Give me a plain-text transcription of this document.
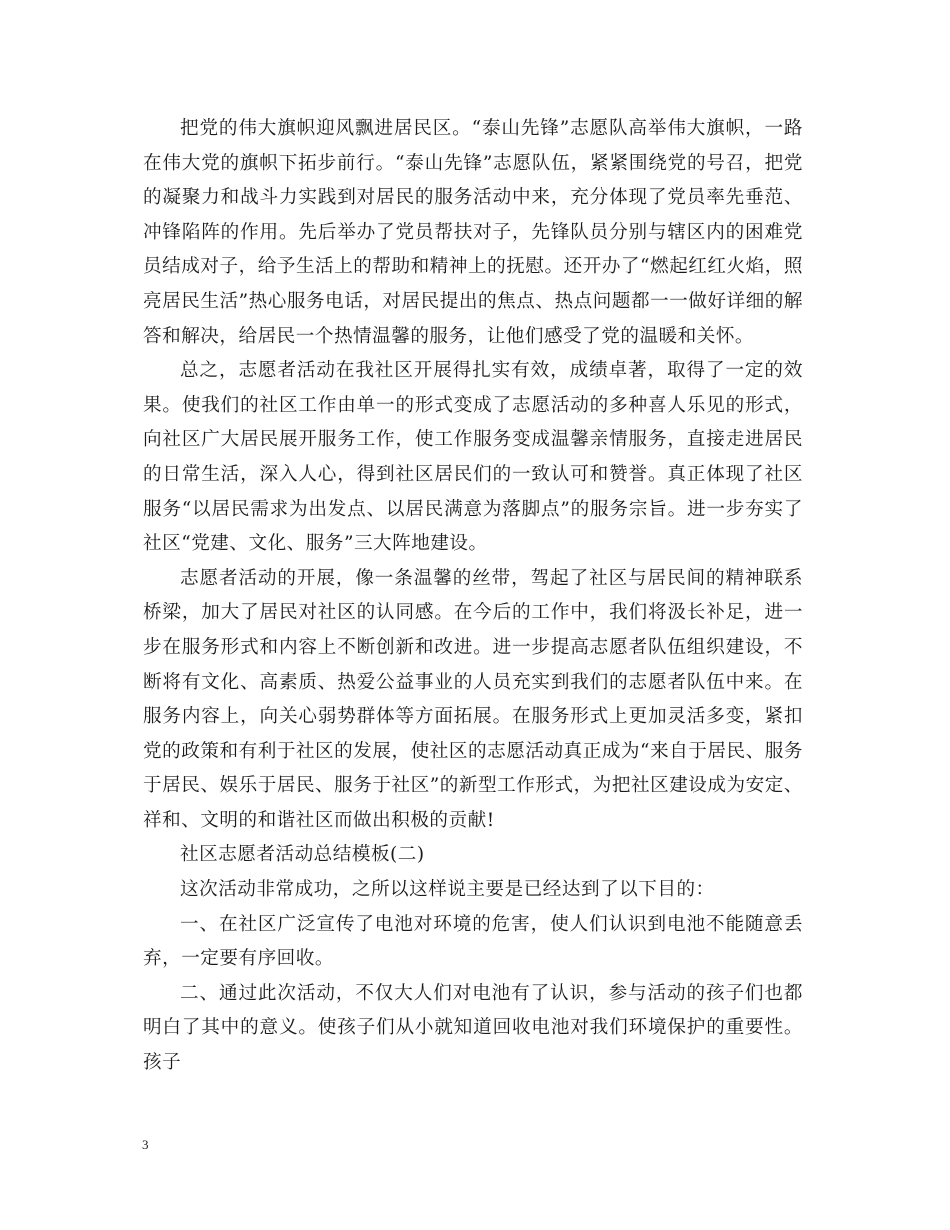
把党的伟大旗帜迎风飘进居民区。“泰山先锋”志愿队高举伟大旗帜，一路在伟大党的旗帜下拓步前行。“泰山先锋”志愿队伍，紧紧围绕党的号召，把党的凝聚力和战斗力实践到对居民的服务活动中来，充分体现了党员率先垂范、冲锋陷阵的作用。先后举办了党员帮扶对子，先锋队员分别与辖区内的困难党员结成对子，给予生活上的帮助和精神上的抚慰。还开办了“燃起红红火焰，照亮居民生活”热心服务电话，对居民提出的焦点、热点问题都一一做好详细的解答和解决，给居民一个热情温馨的服务，让他们感受了党的温暖和关怀。

总之，志愿者活动在我社区开展得扎实有效，成绩卓著，取得了一定的效果。使我们的社区工作由单一的形式变成了志愿活动的多种喜人乐见的形式，向社区广大居民展开服务工作，使工作服务变成温馨亲情服务，直接走进居民的日常生活，深入人心，得到社区居民们的一致认可和赞誉。真正体现了社区服务“以居民需求为出发点、以居民满意为落脚点”的服务宗旨。进一步夯实了社区“党建、文化、服务”三大阵地建设。

志愿者活动的开展，像一条温馨的丝带，驾起了社区与居民间的精神联系桥梁，加大了居民对社区的认同感。在今后的工作中，我们将汲长补足，进一步在服务形式和内容上不断创新和改进。进一步提高志愿者队伍组织建设，不断将有文化、高素质、热爱公益事业的人员充实到我们的志愿者队伍中来。在服务内容上，向关心弱势群体等方面拓展。在服务形式上更加灵活多变，紧扣党的政策和有利于社区的发展，使社区的志愿活动真正成为“来自于居民、服务于居民、娱乐于居民、服务于社区”的新型工作形式，为把社区建设成为安定、祥和、文明的和谐社区而做出积极的贡献!

社区志愿者活动总结模板(二)

这次活动非常成功，之所以这样说主要是已经达到了以下目的：

一、在社区广泛宣传了电池对环境的危害，使人们认识到电池不能随意丢弃，一定要有序回收。

二、通过此次活动，不仅大人们对电池有了认识，参与活动的孩子们也都明白了其中的意义。使孩子们从小就知道回收电池对我们环境保护的重要性。孩子

3
